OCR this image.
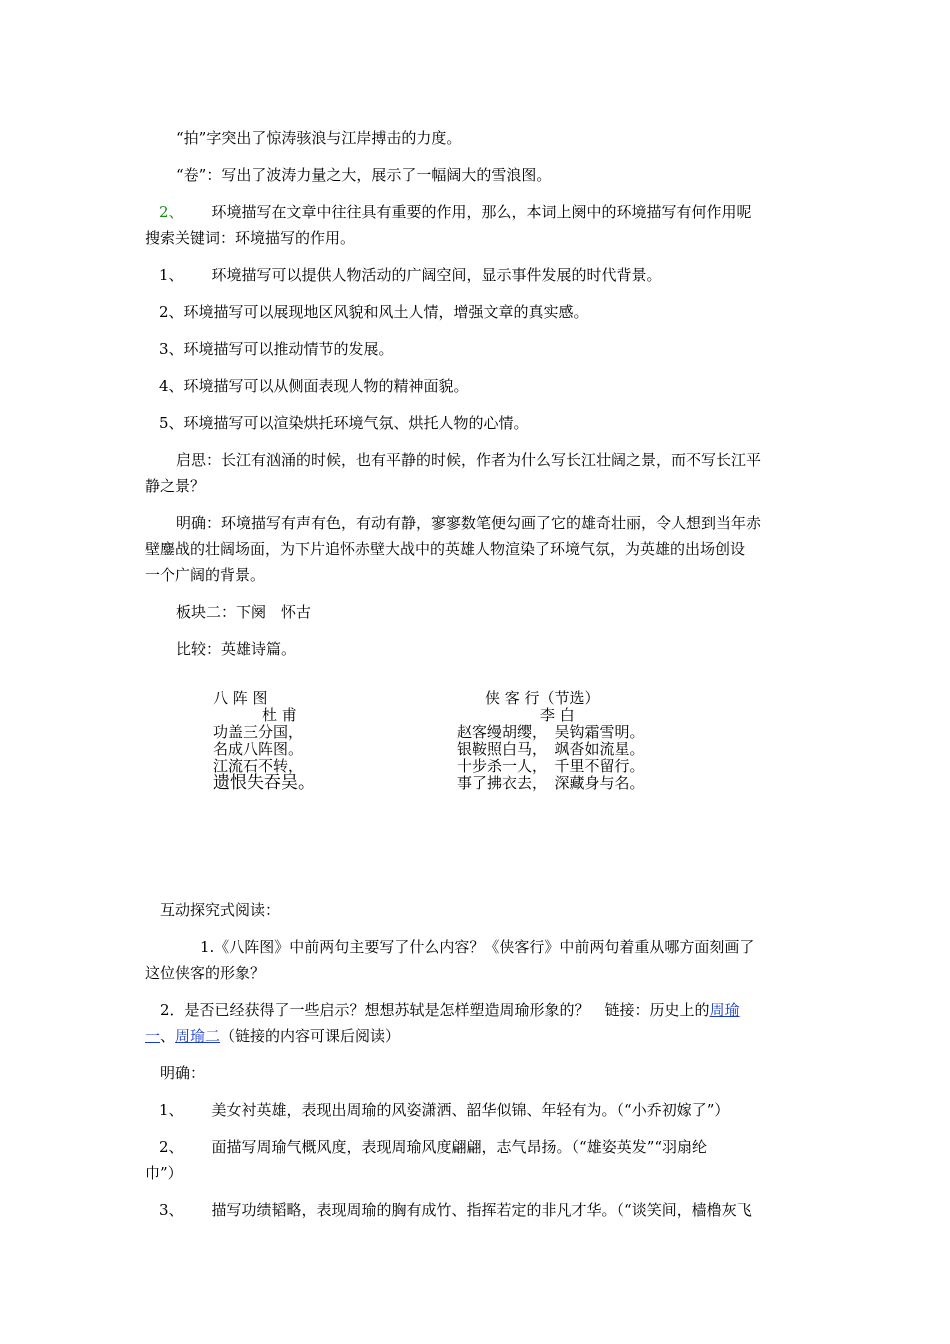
“拍”字突出了惊涛骇浪与江岸搏击的力度。
“卷”：写出了波涛力量之大，展示了一幅阔大的雪浪图。
2、 环境描写在文章中往往具有重要的作用，那么，本词上阕中的环境描写有何作用呢
搜索关键词：环境描写的作用。
1、 环境描写可以提供人物活动的广阔空间，显示事件发展的时代背景。
2、环境描写可以展现地区风貌和风土人情，增强文章的真实感。
3、环境描写可以推动情节的发展。
4、环境描写可以从侧面表现人物的精神面貌。
5、环境描写可以渲染烘托环境气氛、烘托人物的心情。
启思：长江有汹涌的时候，也有平静的时候，作者为什么写长江壮阔之景，而不写长江平
静之景？
明确：环境描写有声有色，有动有静，寥寥数笔便勾画了它的雄奇壮丽，令人想到当年赤
壁鏖战的壮阔场面，为下片追怀赤壁大战中的英雄人物渲染了环境气氛，为英雄的出场创设
一个广阔的背景。
板块二：下阕　怀古
比较：英雄诗篇。
八 阵 图
杜 甫
功盖三分国，
名成八阵图。
江流石不转，
遗恨失吞吴。
侠 客 行（节选）
李 白
赵客缦胡缨，　吴钩霜雪明。
银鞍照白马，　飒沓如流星。
十步杀一人，　千里不留行。
事了拂衣去，　深藏身与名。
互动探究式阅读：
1.《八阵图》中前两句主要写了什么内容？《侠客行》中前两句着重从哪方面刻画了
这位侠客的形象？
2．是否已经获得了一些启示？想想苏轼是怎样塑造周瑜形象的？　链接：历史上的周瑜
一、周瑜二（链接的内容可课后阅读）
明确：
1、 美女衬英雄，表现出周瑜的风姿潇洒、韶华似锦、年轻有为。（“小乔初嫁了”）
2、 面描写周瑜气概风度，表现周瑜风度翩翩，志气昂扬。（“雄姿英发”“羽扇纶
巾”）
3、 描写功绩韬略，表现周瑜的胸有成竹、指挥若定的非凡才华。（“谈笑间，樯橹灰飞
